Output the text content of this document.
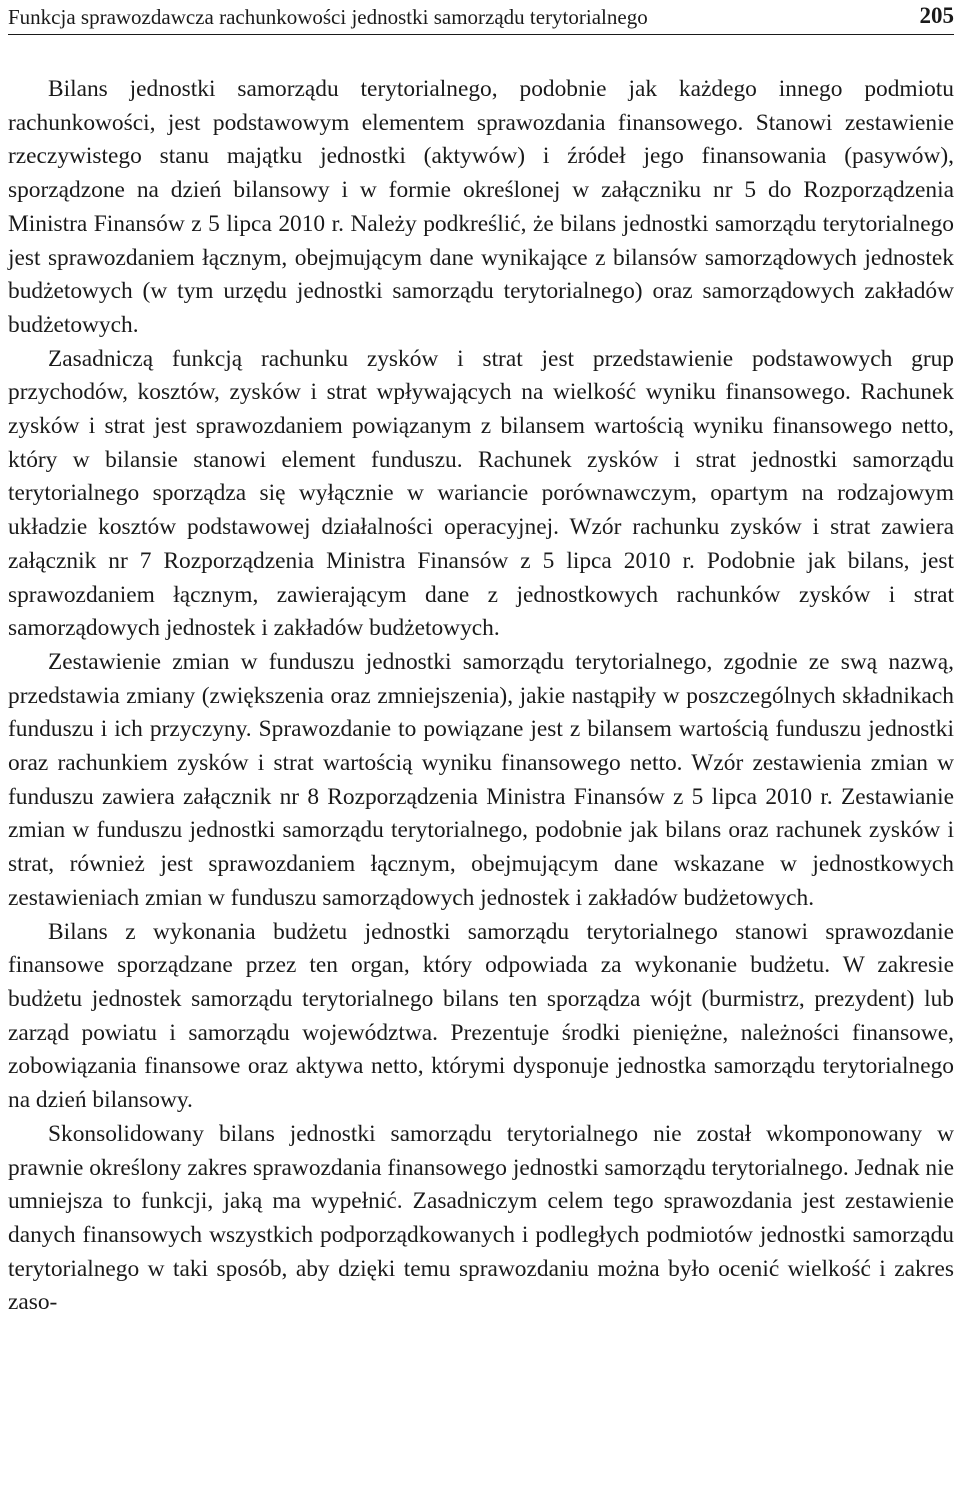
Funkcja sprawozdawcza rachunkowości jednostki samorządu terytorialnego	205

Bilans jednostki samorządu terytorialnego, podobnie jak każdego innego podmiotu rachunkowości, jest podstawowym elementem sprawozdania finansowego. Stanowi zestawienie rzeczywistego stanu majątku jednostki (aktywów) i źródeł jego finansowania (pasywów), sporządzone na dzień bilansowy i w formie określonej w załączniku nr 5 do Rozporządzenia Ministra Finansów z 5 lipca 2010 r. Należy podkreślić, że bilans jednostki samorządu terytorialnego jest sprawozdaniem łącznym, obejmującym dane wynikające z bilansów samorządowych jednostek budżetowych (w tym urzędu jednostki samorządu terytorialnego) oraz samorządowych zakładów budżetowych.

Zasadniczą funkcją rachunku zysków i strat jest przedstawienie podstawowych grup przychodów, kosztów, zysków i strat wpływających na wielkość wyniku finansowego. Rachunek zysków i strat jest sprawozdaniem powiązanym z bilansem wartością wyniku finansowego netto, który w bilansie stanowi element funduszu. Rachunek zysków i strat jednostki samorządu terytorialnego sporządza się wyłącznie w wariancie porównawczym, opartym na rodzajowym układzie kosztów podstawowej działalności operacyjnej. Wzór rachunku zysków i strat zawiera załącznik nr 7 Rozporządzenia Ministra Finansów z 5 lipca 2010 r. Podobnie jak bilans, jest sprawozdaniem łącznym, zawierającym dane z jednostkowych rachunków zysków i strat samorządowych jednostek i zakładów budżetowych.

Zestawienie zmian w funduszu jednostki samorządu terytorialnego, zgodnie ze swą nazwą, przedstawia zmiany (zwiększenia oraz zmniejszenia), jakie nastąpiły w poszczególnych składnikach funduszu i ich przyczyny. Sprawozdanie to powiązane jest z bilansem wartością funduszu jednostki oraz rachunkiem zysków i strat wartością wyniku finansowego netto. Wzór zestawienia zmian w funduszu zawiera załącznik nr 8 Rozporządzenia Ministra Finansów z 5 lipca 2010 r. Zestawianie zmian w funduszu jednostki samorządu terytorialnego, podobnie jak bilans oraz rachunek zysków i strat, również jest sprawozdaniem łącznym, obejmującym dane wskazane w jednostkowych zestawieniach zmian w funduszu samorządowych jednostek i zakładów budżetowych.

Bilans z wykonania budżetu jednostki samorządu terytorialnego stanowi sprawozdanie finansowe sporządzane przez ten organ, który odpowiada za wykonanie budżetu. W zakresie budżetu jednostek samorządu terytorialnego bilans ten sporządza wójt (burmistrz, prezydent) lub zarząd powiatu i samorządu województwa. Prezentuje środki pieniężne, należności finansowe, zobowiązania finansowe oraz aktywa netto, którymi dysponuje jednostka samorządu terytorialnego na dzień bilansowy.

Skonsolidowany bilans jednostki samorządu terytorialnego nie został wkomponowany w prawnie określony zakres sprawozdania finansowego jednostki samorządu terytorialnego. Jednak nie umniejsza to funkcji, jaką ma wypełnić. Zasadniczym celem tego sprawozdania jest zestawienie danych finansowych wszystkich podporządkowanych i podległych podmiotów jednostki samorządu terytorialnego w taki sposób, aby dzięki temu sprawozdaniu można było ocenić wielkość i zakres zaso-
